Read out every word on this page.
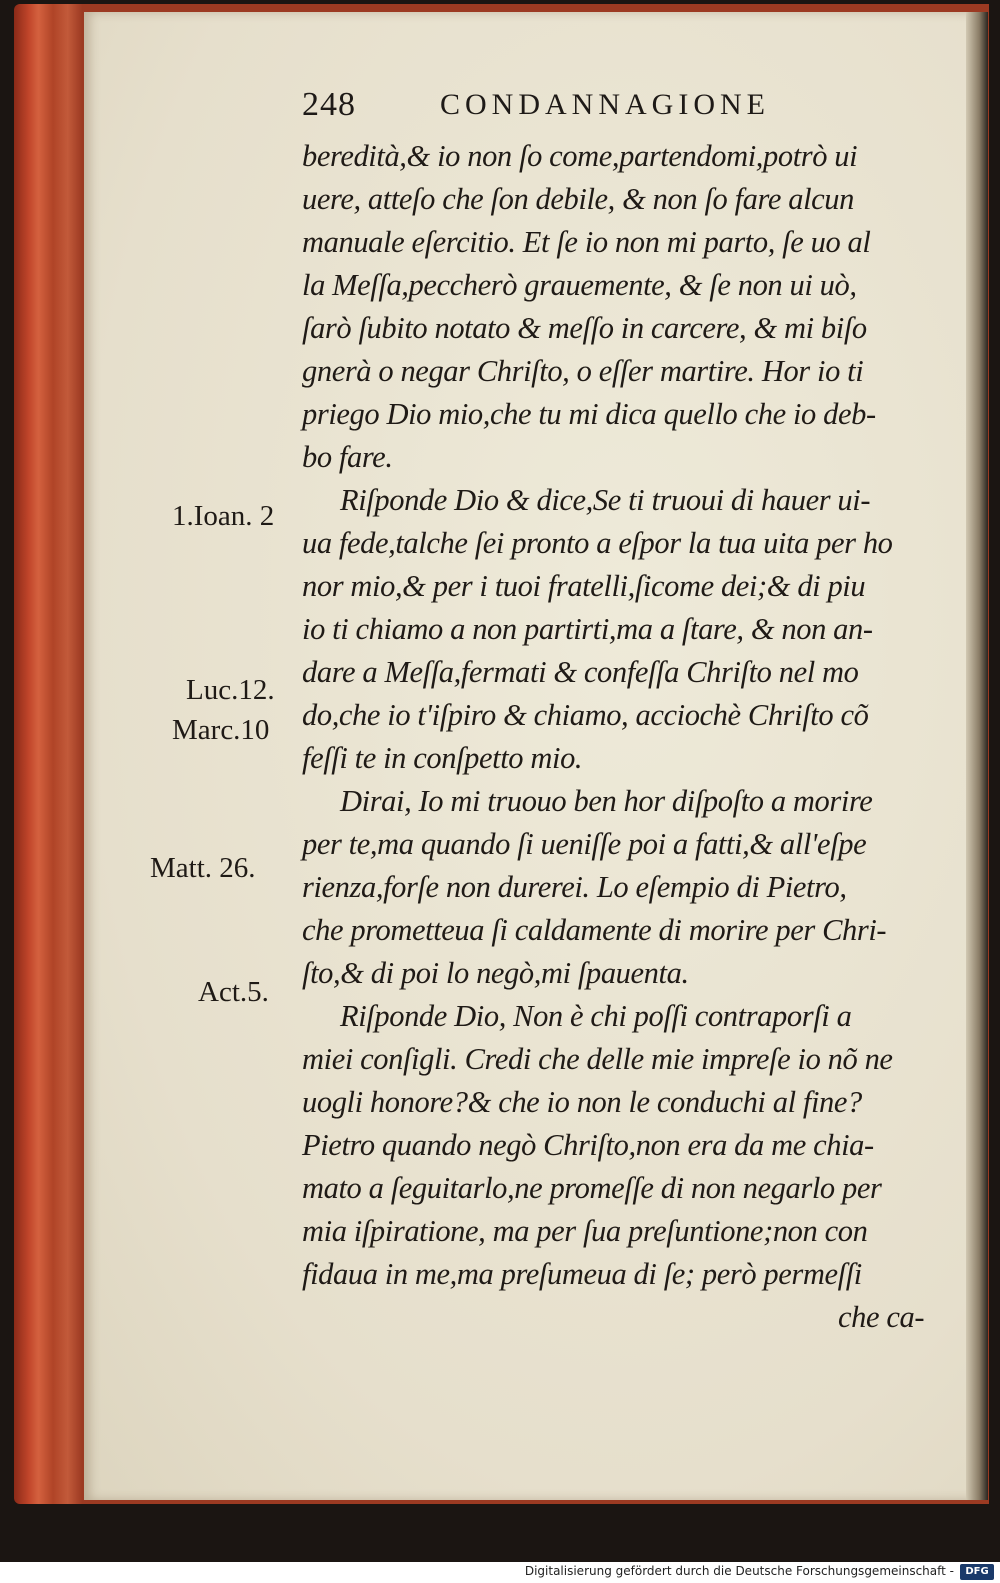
248	CONDANNAGIONE
beredità,& io non ſo come,partendomi,potrò ui
uere, atteſo che ſon debile, & non ſo fare alcun
manuale eſercitio. Et ſe io non mi parto, ſe uo al
la Meſſa,peccherò grauemente, & ſe non ui uò,
ſarò ſubito notato & meſſo in carcere, & mi biſo
gnerà o negar Chriſto, o eſſer martire. Hor io ti
priego Dio mio,che tu mi dica quello che io deb-
bo fare.
Riſponde Dio & dice,Se ti truoui di hauer ui-
ua fede,talche ſei pronto a eſpor la tua uita per ho
nor mio,& per i tuoi fratelli,ſicome dei;& di piu
io ti chiamo a non partirti,ma a ſtare, & non an-
dare a Meſſa,fermati & confeſſa Chriſto nel mo
do,che io t'iſpiro & chiamo, acciochè Chriſto cõ
feſſi te in conſpetto mio.
Dirai, Io mi truouo ben hor diſpoſto a morire
per te,ma quando ſi ueniſſe poi a fatti,& all'eſpe
rienza,forſe non durerei. Lo eſempio di Pietro,
che prometteua ſi caldamente di morire per Chri-
ſto,& di poi lo negò,mi ſpauenta.
Riſponde Dio, Non è chi poſſi contraporſi a
miei conſigli. Credi che delle mie impreſe io nõ ne
uogli honore?& che io non le conduchi al fine?
Pietro quando negò Chriſto,non era da me chia-
mato a ſeguitarlo,ne promeſſe di non negarlo per
mia iſpiratione, ma per ſua preſuntione;non con
fidaua in me,ma preſumeua di ſe; però permeſſi
che ca-
1.Ioan. 2
Luc.12.
Marc.10
Matt. 26.
Act.5.
Digitalisierung gefördert durch die Deutsche Forschungsgemeinschaft -	DFG
